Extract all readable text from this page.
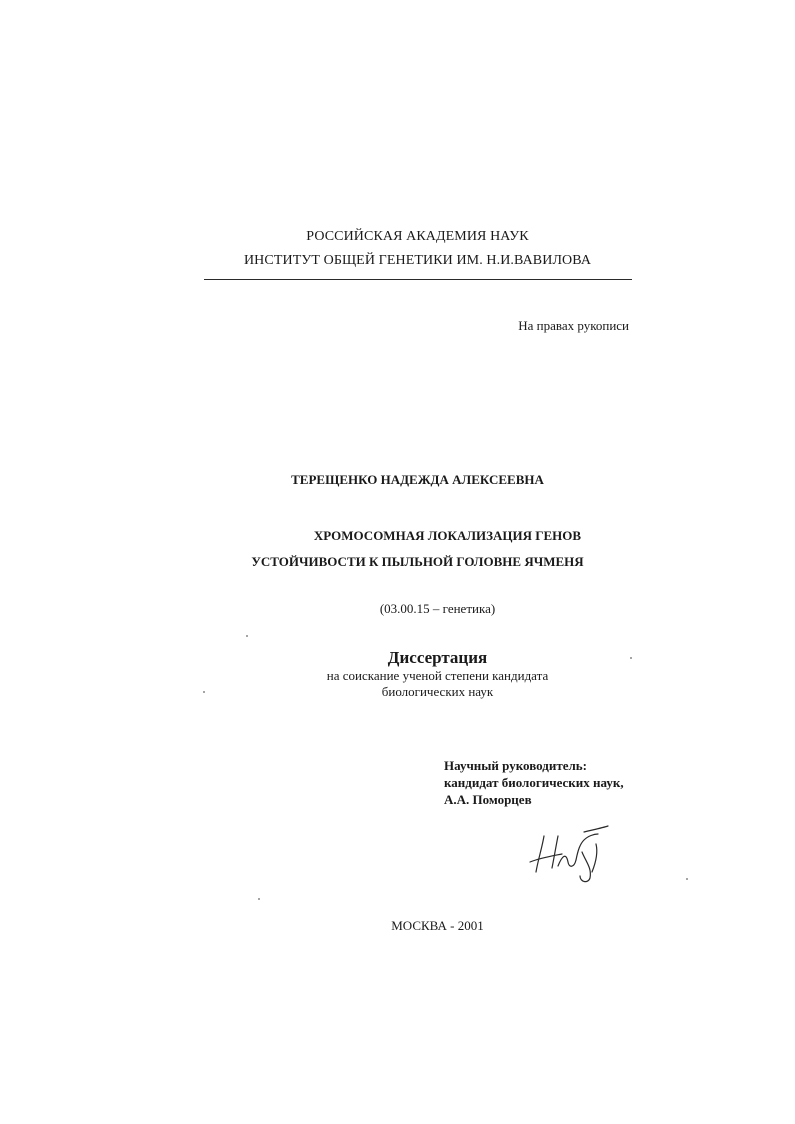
РОССИЙСКАЯ АКАДЕМИЯ НАУК
ИНСТИТУТ ОБЩЕЙ ГЕНЕТИКИ ИМ. Н.И.ВАВИЛОВА
На правах рукописи
ТЕРЕЩЕНКО НАДЕЖДА АЛЕКСЕЕВНА
ХРОМОСОМНАЯ ЛОКАЛИЗАЦИЯ ГЕНОВ
УСТОЙЧИВОСТИ К ПЫЛЬНОЙ ГОЛОВНЕ ЯЧМЕНЯ
(03.00.15 – генетика)
Диссертация
на соискание ученой степени кандидата
биологических наук
Научный руководитель:
кандидат биологических наук,
А.А. Поморцев
МОСКВА - 2001
